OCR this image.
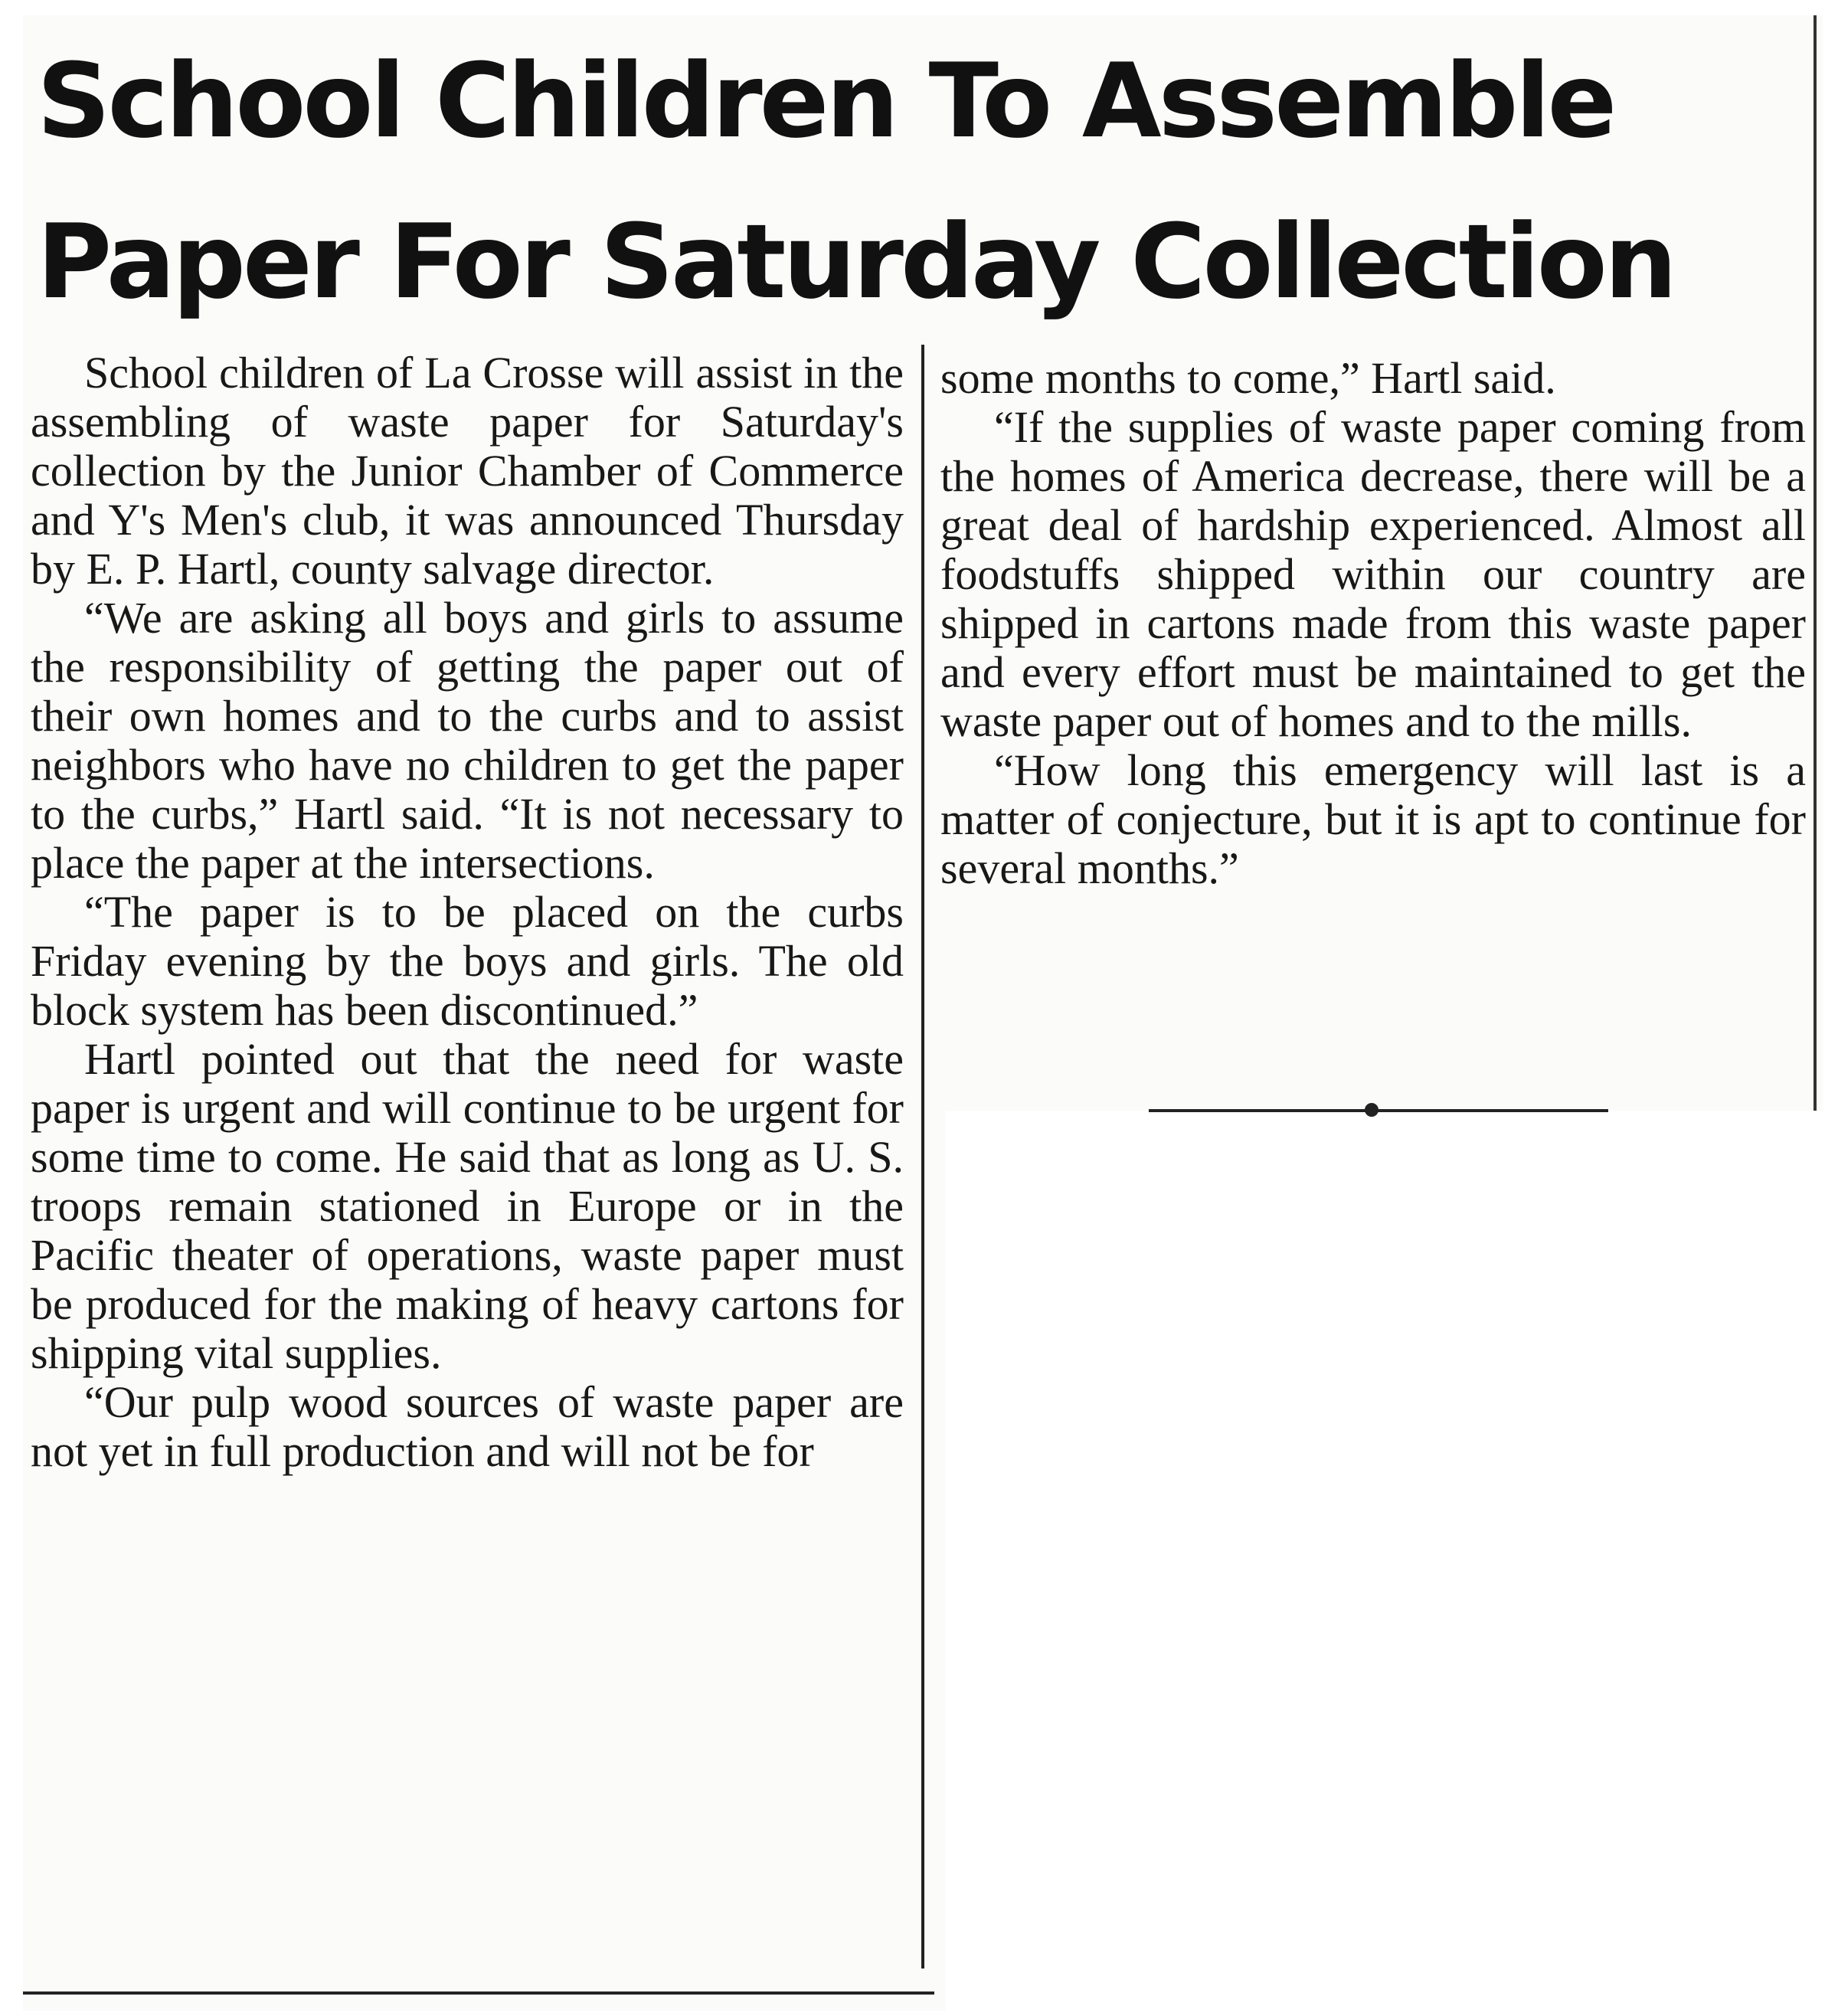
School Children To Assemble
Paper For Saturday Collection

School children of La Crosse will assist in the assembling of waste paper for Saturday's collection by the Junior Chamber of Commerce and Y's Men's club, it was announced Thursday by E. P. Hartl, county salvage director.

“We are asking all boys and girls to assume the responsibility of getting the paper out of their own homes and to the curbs and to assist neighbors who have no children to get the paper to the curbs,” Hartl said. “It is not necessary to place the paper at the intersections.

“The paper is to be placed on the curbs Friday evening by the boys and girls. The old block system has been discontinued.”

Hartl pointed out that the need for waste paper is urgent and will continue to be urgent for some time to come. He said that as long as U. S. troops remain stationed in Europe or in the Pacific theater of operations, waste paper must be produced for the making of heavy cartons for shipping vital supplies.

“Our pulp wood sources of waste paper are not yet in full production and will not be for

some months to come,” Hartl said.

“If the supplies of waste paper coming from the homes of America decrease, there will be a great deal of hardship experienced. Almost all foodstuffs shipped within our country are shipped in cartons made from this waste paper and every effort must be maintained to get the waste paper out of homes and to the mills.

“How long this emergency will last is a matter of conjecture, but it is apt to continue for several months.”
